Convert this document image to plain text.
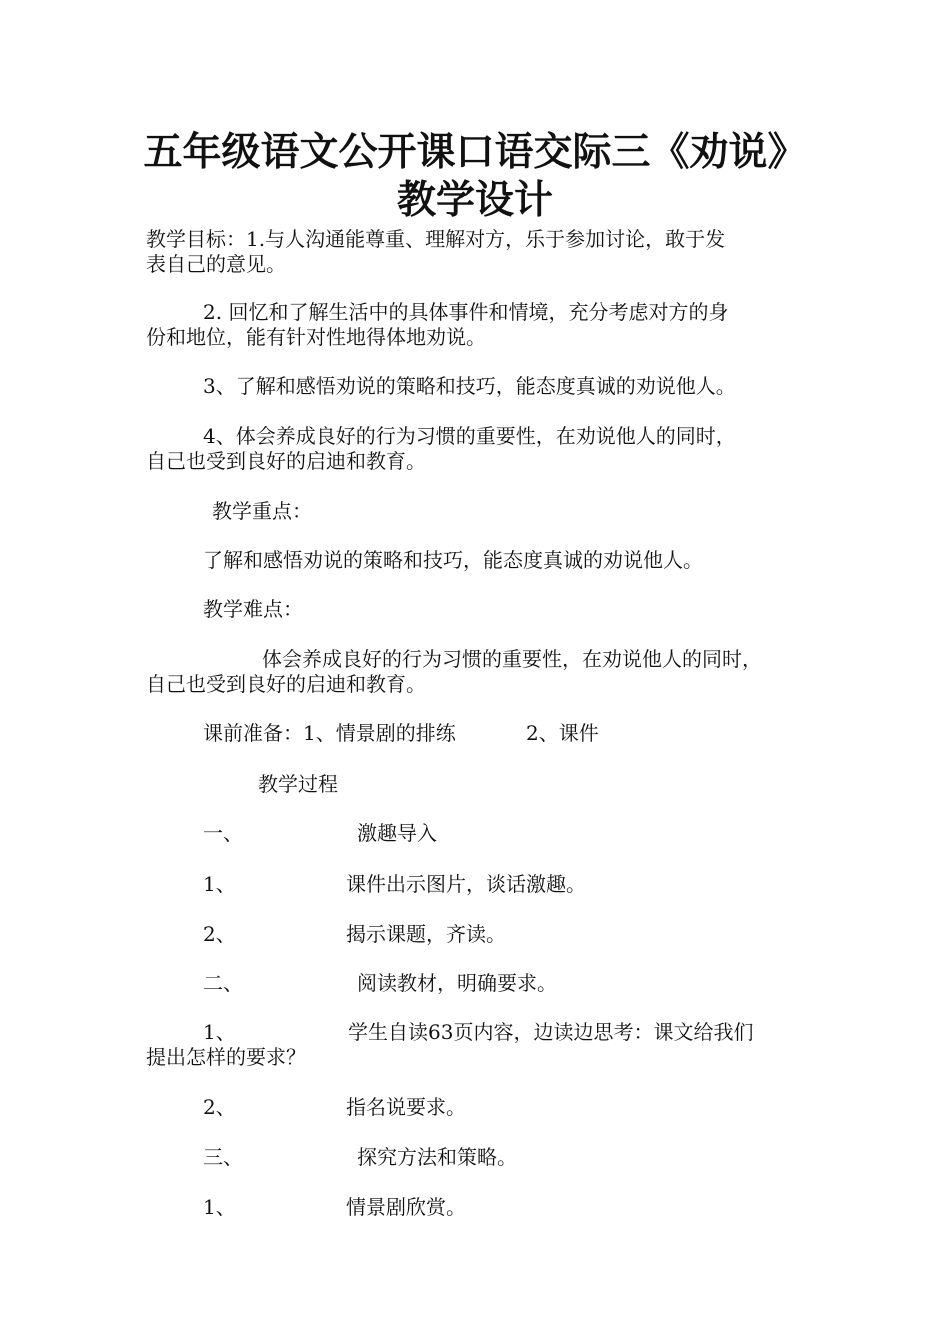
五年级语文公开课口语交际三《劝说》
教学设计

教学目标：1.与人沟通能尊重、理解对方，乐于参加讨论，敢于发

表自己的意见。

2. 回忆和了解生活中的具体事件和情境，充分考虑对方的身

份和地位，能有针对性地得体地劝说。

3、了解和感悟劝说的策略和技巧，能态度真诚的劝说他人。

4、体会养成良好的行为习惯的重要性，在劝说他人的同时，

自己也受到良好的启迪和教育。

教学重点：

了解和感悟劝说的策略和技巧，能态度真诚的劝说他人。

教学难点：

体会养成良好的行为习惯的重要性，在劝说他人的同时，

自己也受到良好的启迪和教育。

课前准备：1、情景剧的排练	2、课件

教学过程

一、	激趣导入

1、	课件出示图片，谈话激趣。

2、	揭示课题，齐读。

二、	阅读教材，明确要求。

1、	学生自读63页内容，边读边思考：课文给我们

提出怎样的要求？

2、	指名说要求。

三、	探究方法和策略。

1、	情景剧欣赏。
